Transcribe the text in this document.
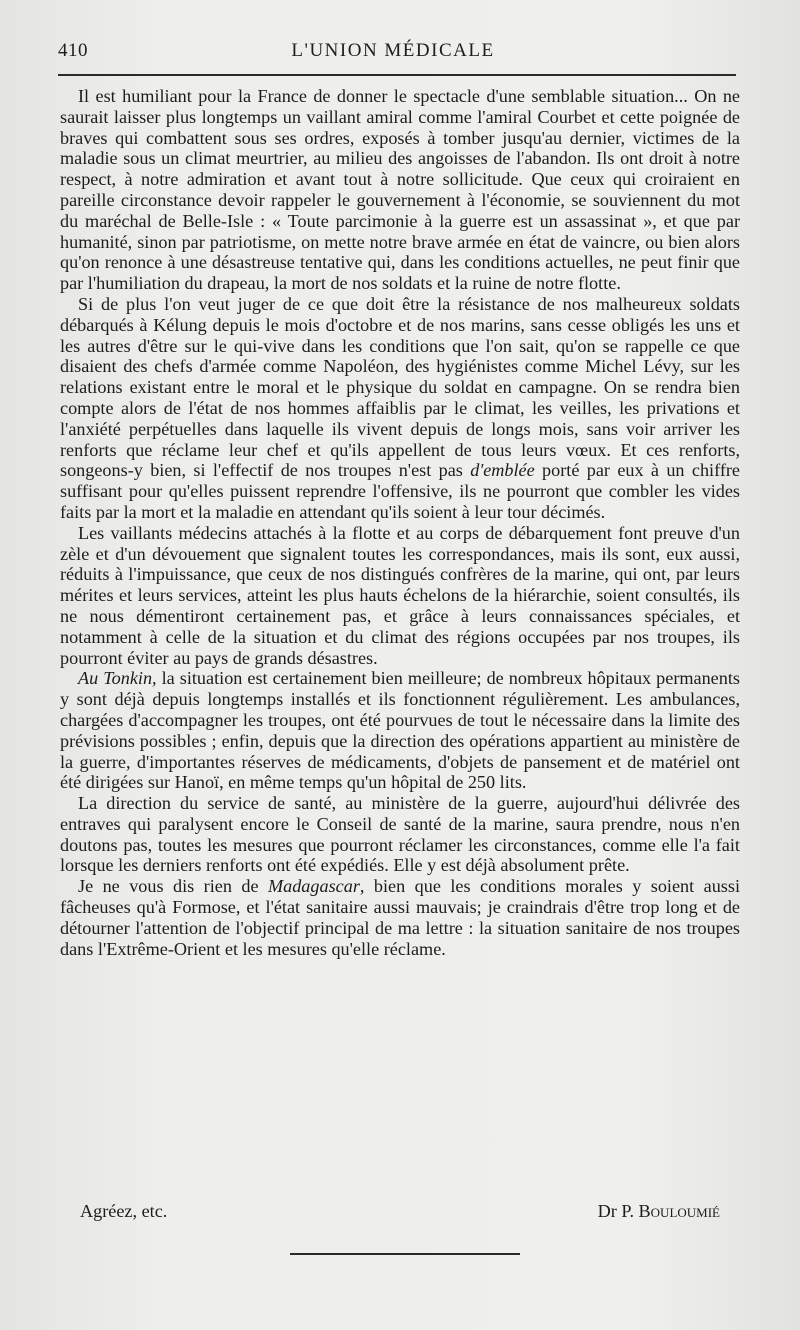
410	L'UNION MÉDICALE

Il est humiliant pour la France de donner le spectacle d'une semblable situation... On ne saurait laisser plus longtemps un vaillant amiral comme l'amiral Courbet et cette poignée de braves qui combattent sous ses ordres, exposés à tomber jusqu'au dernier, victimes de la maladie sous un climat meurtrier, au milieu des angoisses de l'abandon. Ils ont droit à notre respect, à notre admiration et avant tout à notre sollicitude. Que ceux qui croiraient en pareille circonstance devoir rappeler le gouvernement à l'économie, se souviennent du mot du maréchal de Belle-Isle : « Toute parcimonie à la guerre est un assassinat », et que par humanité, sinon par patriotisme, on mette notre brave armée en état de vaincre, ou bien alors qu'on renonce à une désastreuse tentative qui, dans les conditions actuelles, ne peut finir que par l'humiliation du drapeau, la mort de nos soldats et la ruine de notre flotte.

Si de plus l'on veut juger de ce que doit être la résistance de nos malheureux soldats débarqués à Kélung depuis le mois d'octobre et de nos marins, sans cesse obligés les uns et les autres d'être sur le qui-vive dans les conditions que l'on sait, qu'on se rappelle ce que disaient des chefs d'armée comme Napoléon, des hygiénistes comme Michel Lévy, sur les relations existant entre le moral et le physique du soldat en campagne. On se rendra bien compte alors de l'état de nos hommes affaiblis par le climat, les veilles, les privations et l'anxiété perpétuelles dans laquelle ils vivent depuis de longs mois, sans voir arriver les renforts que réclame leur chef et qu'ils appellent de tous leurs vœux. Et ces renforts, songeons-y bien, si l'effectif de nos troupes n'est pas d'emblée porté par eux à un chiffre suffisant pour qu'elles puissent reprendre l'offensive, ils ne pourront que combler les vides faits par la mort et la maladie en attendant qu'ils soient à leur tour décimés.

Les vaillants médecins attachés à la flotte et au corps de débarquement font preuve d'un zèle et d'un dévouement que signalent toutes les correspondances, mais ils sont, eux aussi, réduits à l'impuissance, que ceux de nos distingués confrères de la marine, qui ont, par leurs mérites et leurs services, atteint les plus hauts échelons de la hiérarchie, soient consultés, ils ne nous démentiront certainement pas, et grâce à leurs connaissances spéciales, et notamment à celle de la situation et du climat des régions occupées par nos troupes, ils pourront éviter au pays de grands désastres.

Au Tonkin, la situation est certainement bien meilleure; de nombreux hôpitaux permanents y sont déjà depuis longtemps installés et ils fonctionnent régulièrement. Les ambulances, chargées d'accompagner les troupes, ont été pourvues de tout le nécessaire dans la limite des prévisions possibles ; enfin, depuis que la direction des opérations appartient au ministère de la guerre, d'importantes réserves de médicaments, d'objets de pansement et de matériel ont été dirigées sur Hanoï, en même temps qu'un hôpital de 250 lits.

La direction du service de santé, au ministère de la guerre, aujourd'hui délivrée des entraves qui paralysent encore le Conseil de santé de la marine, saura prendre, nous n'en doutons pas, toutes les mesures que pourront réclamer les circonstances, comme elle l'a fait lorsque les derniers renforts ont été expédiés. Elle y est déjà absolument prête.

Je ne vous dis rien de Madagascar, bien que les conditions morales y soient aussi fâcheuses qu'à Formose, et l'état sanitaire aussi mauvais; je craindrais d'être trop long et de détourner l'attention de l'objectif principal de ma lettre : la situation sanitaire de nos troupes dans l'Extrême-Orient et les mesures qu'elle réclame.

Agréez, etc.	Dr P. Bouloumié
